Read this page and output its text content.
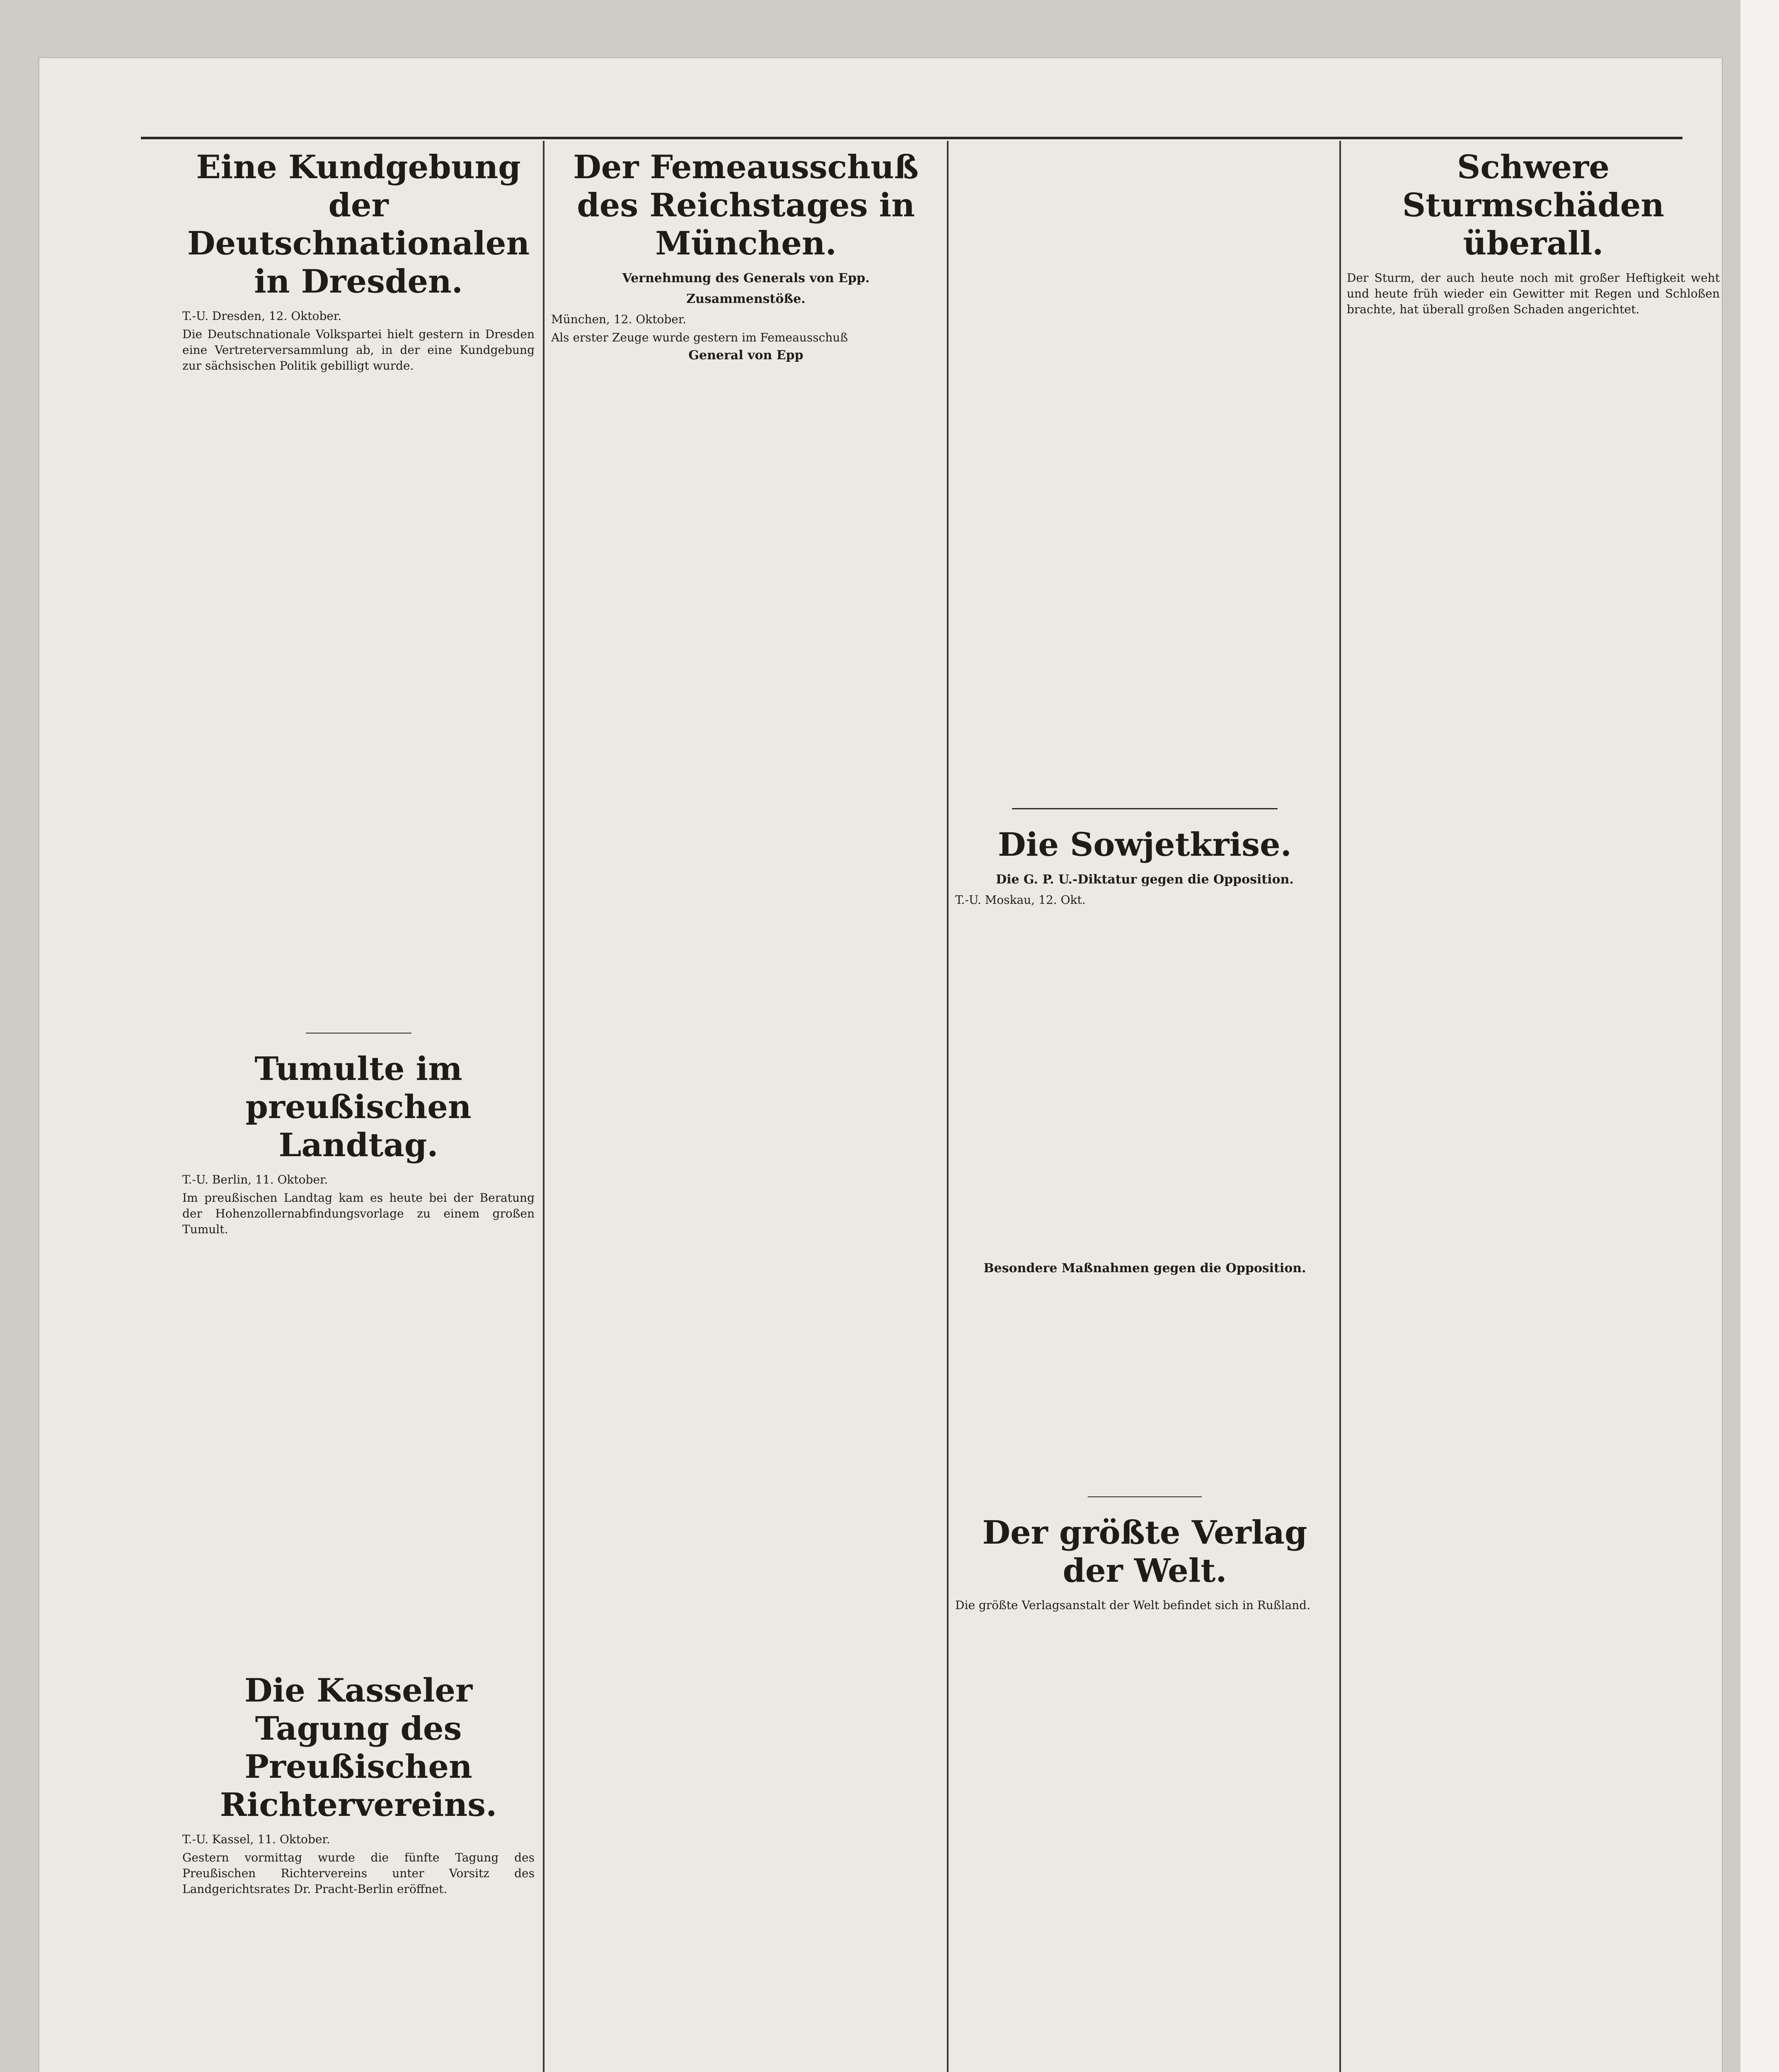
Eine Kundgebung der Deutschnationalen in Dresden.

T.-U. Dresden, 12. Oktober.

Die Deutschnationale Volkspartei hielt gestern in Dresden eine Vertreterversammlung ab, in der eine Kundgebung zur sächsischen Politik gebilligt wurde.

Tumulte im preußischen Landtag.

T.-U. Berlin, 11. Oktober.

Im preußischen Landtag kam es heute bei der Beratung der Hohenzollernabfindungsvorlage zu einem großen Tumult.

Die Kasseler Tagung des Preußischen Richtervereins.

T.-U. Kassel, 11. Oktober.

Gestern vormittag wurde die fünfte Tagung des Preußischen Richtervereins unter Vorsitz des Landgerichtsrates Dr. Pracht-Berlin eröffnet.

Der Femeausschuß des Reichstages in München.
Vernehmung des Generals von Epp.
Zusammenstöße.

München, 12. Oktober.

Als erster Zeuge wurde gestern im Femeausschuß

General von Epp
Die Sowjetkrise.
Die G. P. U.-Diktatur gegen die Opposition.

T.-U. Moskau, 12. Okt.

Besondere Maßnahmen gegen die Opposition.
Der größte Verlag der Welt.

Die größte Verlagsanstalt der Welt befindet sich in Rußland.

Schwere Sturmschäden überall.

Der Sturm, der auch heute noch mit großer Heftigkeit weht und heute früh wieder ein Gewitter mit Regen und Schloßen brachte, hat überall großen Schaden angerichtet.
